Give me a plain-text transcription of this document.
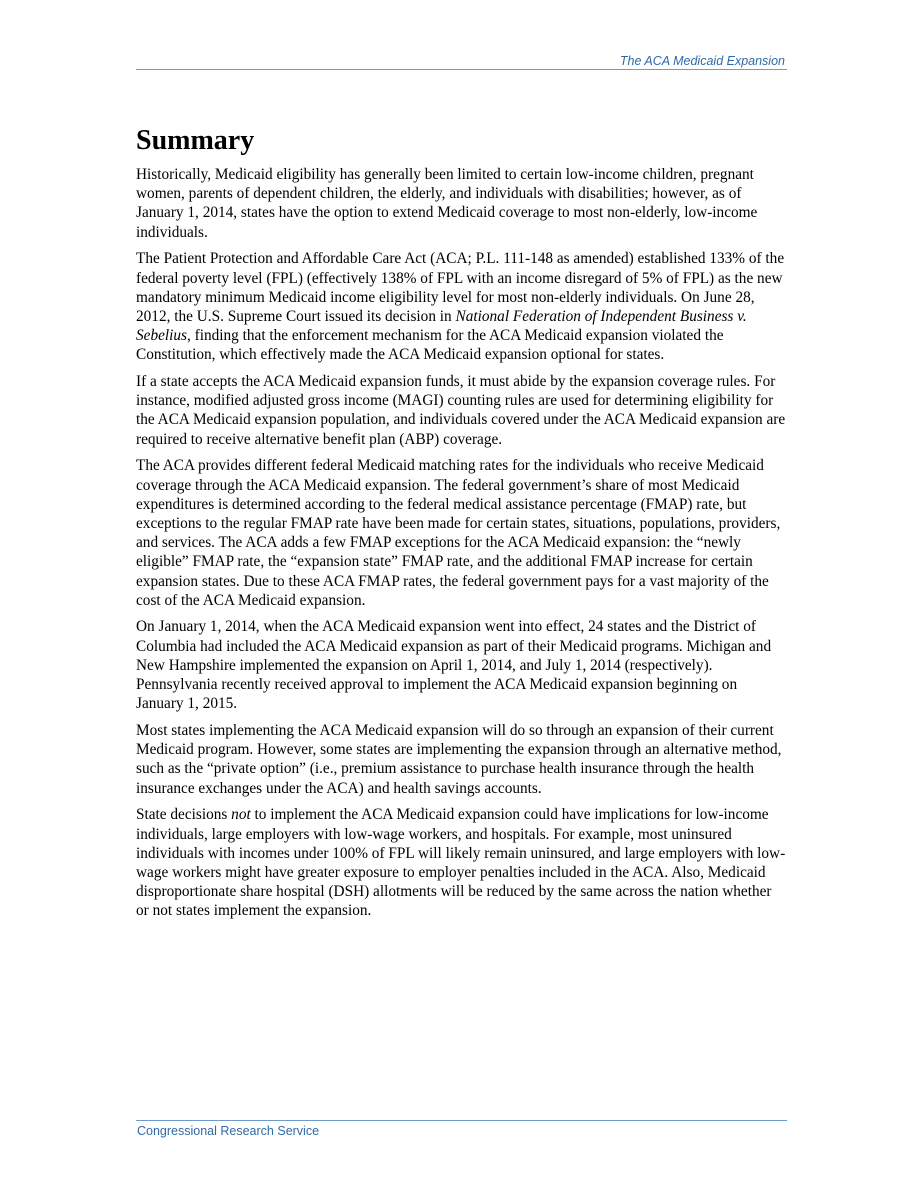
The ACA Medicaid Expansion
Summary

Historically, Medicaid eligibility has generally been limited to certain low-income children, pregnant women, parents of dependent children, the elderly, and individuals with disabilities; however, as of January 1, 2014, states have the option to extend Medicaid coverage to most non-elderly, low-income individuals.

The Patient Protection and Affordable Care Act (ACA; P.L. 111-148 as amended) established 133% of the federal poverty level (FPL) (effectively 138% of FPL with an income disregard of 5% of FPL) as the new mandatory minimum Medicaid income eligibility level for most non-elderly individuals. On June 28, 2012, the U.S. Supreme Court issued its decision in National Federation of Independent Business v. Sebelius, finding that the enforcement mechanism for the ACA Medicaid expansion violated the Constitution, which effectively made the ACA Medicaid expansion optional for states.

If a state accepts the ACA Medicaid expansion funds, it must abide by the expansion coverage rules. For instance, modified adjusted gross income (MAGI) counting rules are used for determining eligibility for the ACA Medicaid expansion population, and individuals covered under the ACA Medicaid expansion are required to receive alternative benefit plan (ABP) coverage.

The ACA provides different federal Medicaid matching rates for the individuals who receive Medicaid coverage through the ACA Medicaid expansion. The federal government’s share of most Medicaid expenditures is determined according to the federal medical assistance percentage (FMAP) rate, but exceptions to the regular FMAP rate have been made for certain states, situations, populations, providers, and services. The ACA adds a few FMAP exceptions for the ACA Medicaid expansion: the “newly eligible” FMAP rate, the “expansion state” FMAP rate, and the additional FMAP increase for certain expansion states. Due to these ACA FMAP rates, the federal government pays for a vast majority of the cost of the ACA Medicaid expansion.

On January 1, 2014, when the ACA Medicaid expansion went into effect, 24 states and the District of Columbia had included the ACA Medicaid expansion as part of their Medicaid programs. Michigan and New Hampshire implemented the expansion on April 1, 2014, and July 1, 2014 (respectively). Pennsylvania recently received approval to implement the ACA Medicaid expansion beginning on January 1, 2015.

Most states implementing the ACA Medicaid expansion will do so through an expansion of their current Medicaid program. However, some states are implementing the expansion through an alternative method, such as the “private option” (i.e., premium assistance to purchase health insurance through the health insurance exchanges under the ACA) and health savings accounts.

State decisions not to implement the ACA Medicaid expansion could have implications for low-income individuals, large employers with low-wage workers, and hospitals. For example, most uninsured individuals with incomes under 100% of FPL will likely remain uninsured, and large employers with low-wage workers might have greater exposure to employer penalties included in the ACA. Also, Medicaid disproportionate share hospital (DSH) allotments will be reduced by the same across the nation whether or not states implement the expansion.

Congressional Research Service
